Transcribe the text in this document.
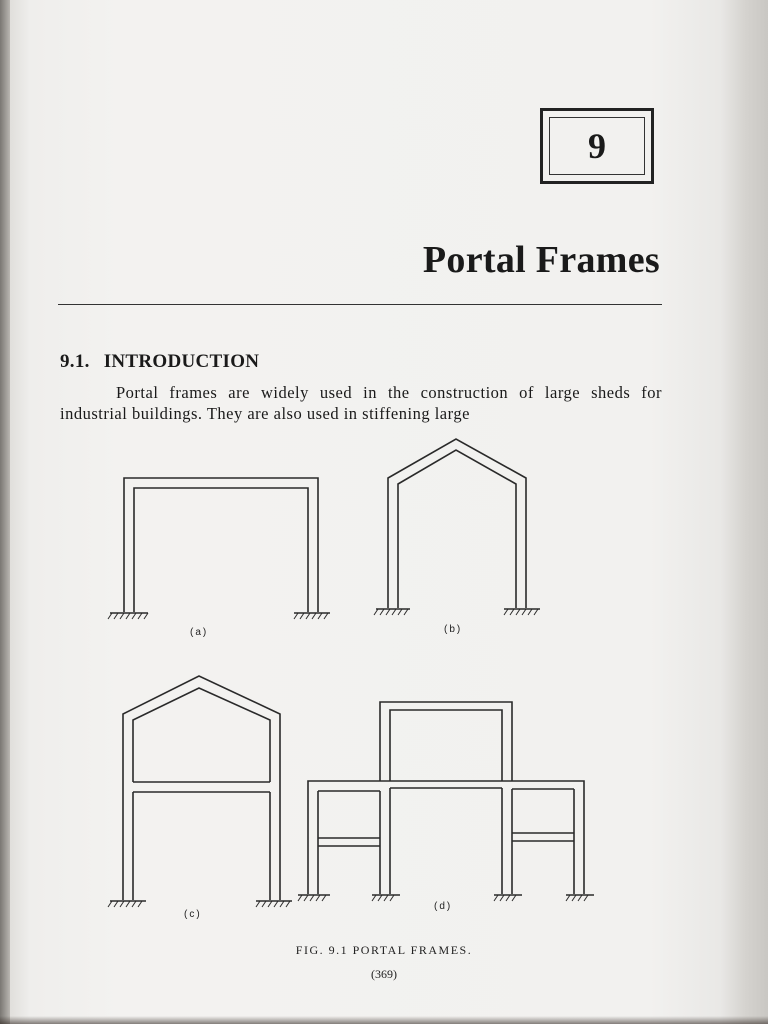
9
Portal Frames
9.1. INTRODUCTION

Portal frames are widely used in the construction of large sheds for industrial buildings. They are also used in stiffening large

(a)	(b)
(c)
(d)
FIG. 9.1 PORTAL FRAMES.
(369)
